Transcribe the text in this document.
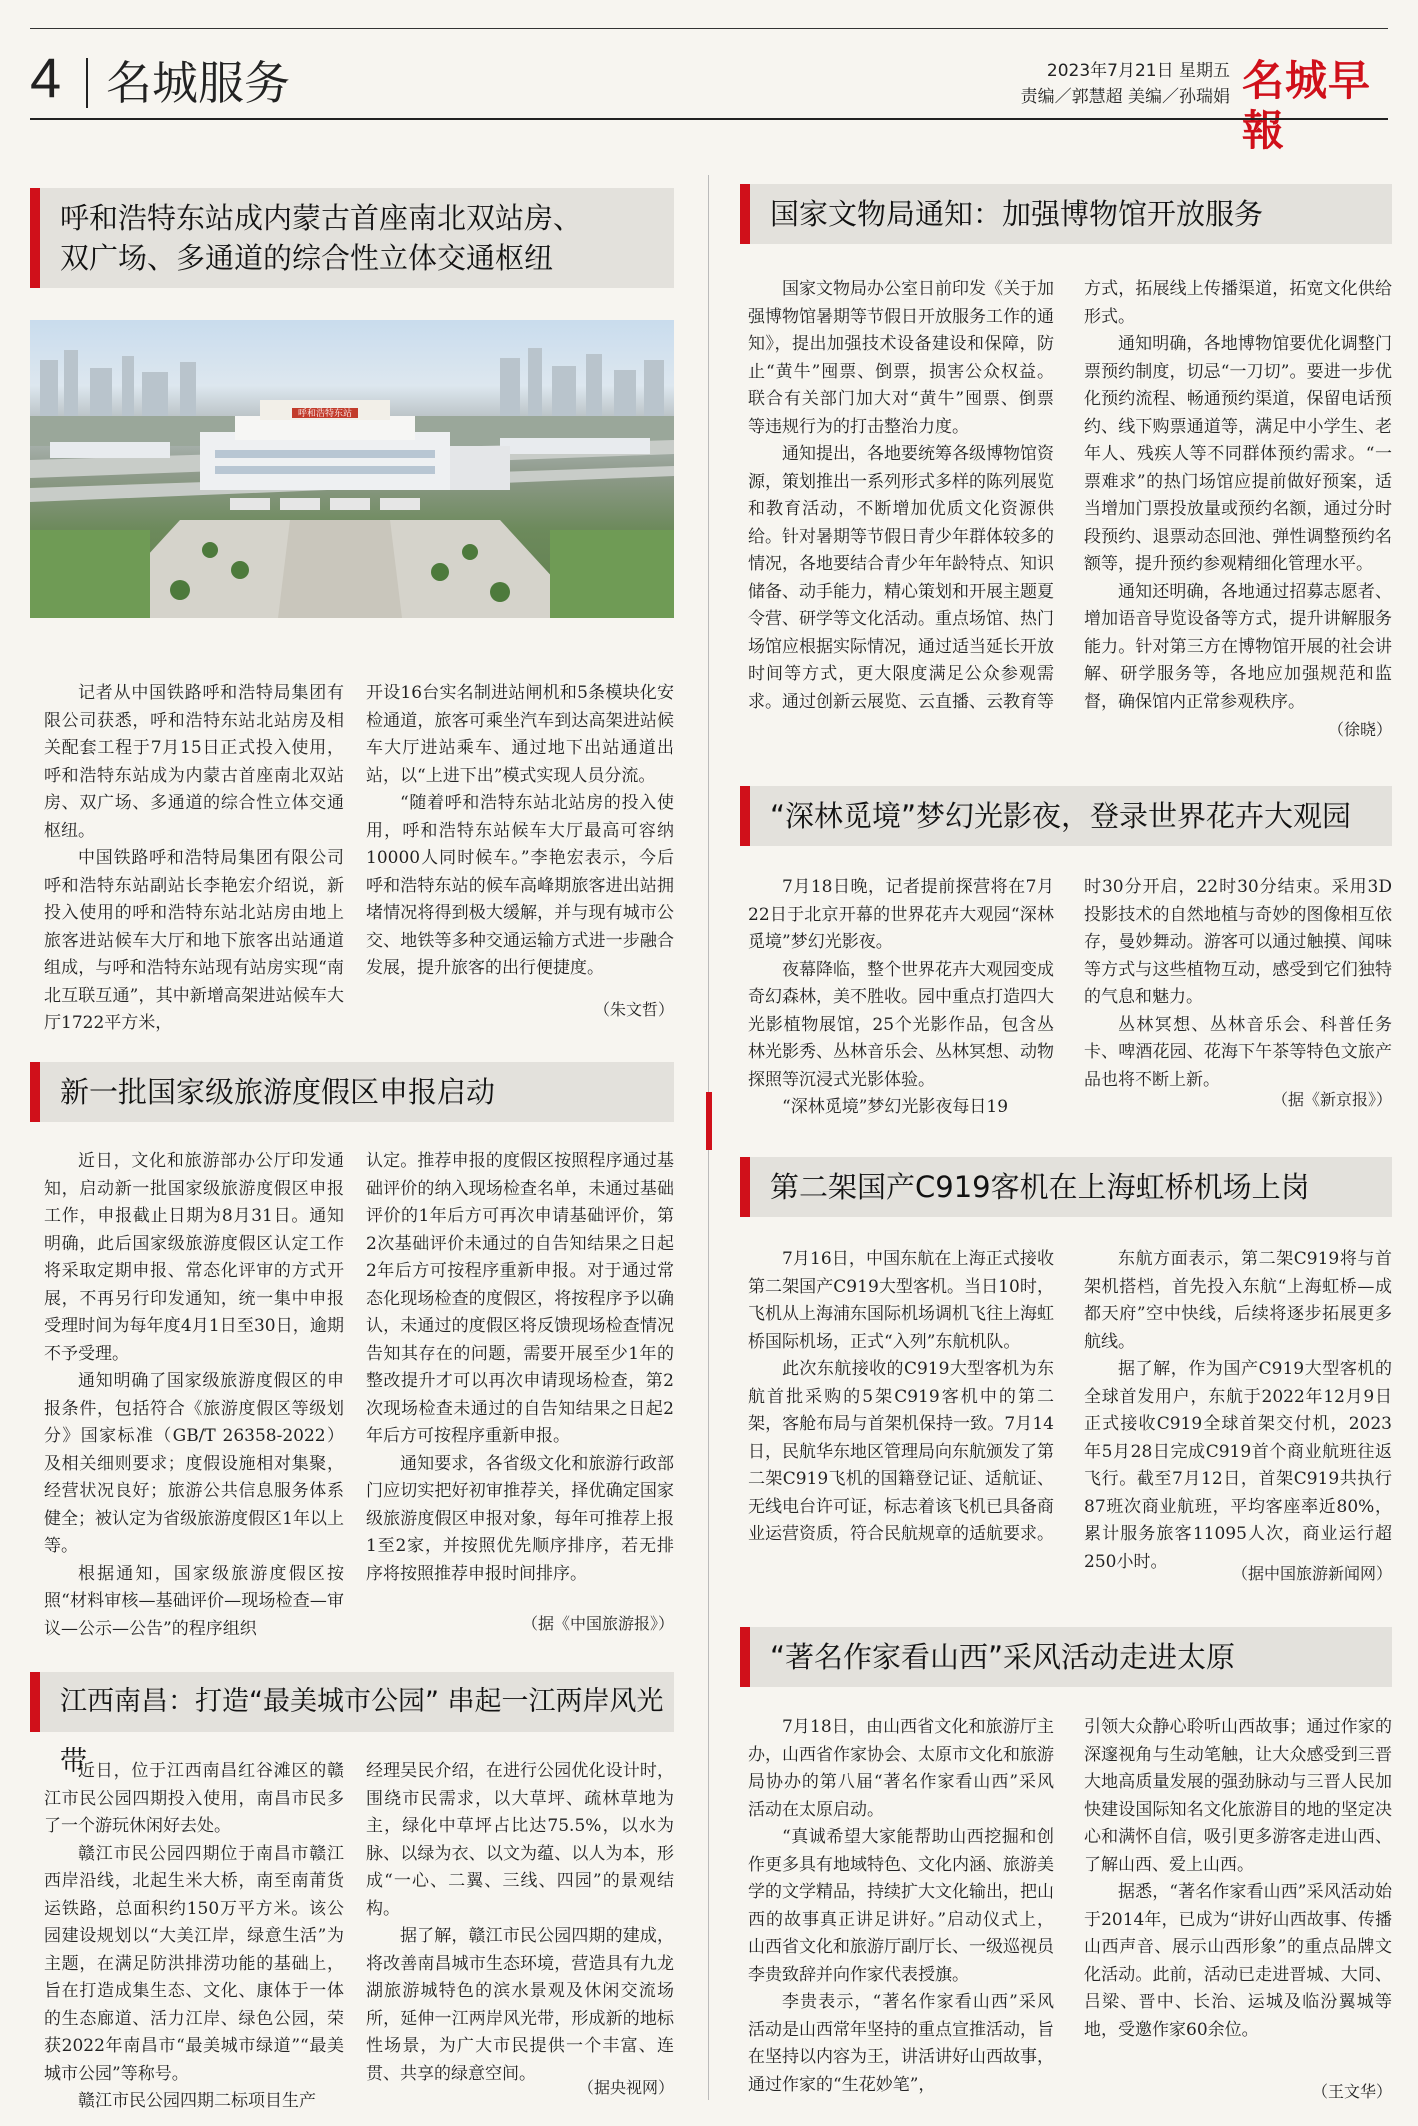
4 名城服务	2023年7月21日 星期五
责编／郭慧超 美编／孙瑞娟 名城早報
呼和浩特东站成内蒙古首座南北双站房、
双广场、多通道的综合性立体交通枢纽
呼和浩特东站

记者从中国铁路呼和浩特局集团有限公司获悉，呼和浩特东站北站房及相关配套工程于7月15日正式投入使用，呼和浩特东站成为内蒙古首座南北双站房、双广场、多通道的综合性立体交通枢纽。

中国铁路呼和浩特局集团有限公司呼和浩特东站副站长李艳宏介绍说，新投入使用的呼和浩特东站北站房由地上旅客进站候车大厅和地下旅客出站通道组成，与呼和浩特东站现有站房实现“南北互联互通”，其中新增高架进站候车大厅1722平方米，

开设16台实名制进站闸机和5条模块化安检通道，旅客可乘坐汽车到达高架进站候车大厅进站乘车、通过地下出站通道出站，以“上进下出”模式实现人员分流。

“随着呼和浩特东站北站房的投入使用，呼和浩特东站候车大厅最高可容纳10000人同时候车。”李艳宏表示，今后呼和浩特东站的候车高峰期旅客进出站拥堵情况将得到极大缓解，并与现有城市公交、地铁等多种交通运输方式进一步融合发展，提升旅客的出行便捷度。

（朱文哲）
新一批国家级旅游度假区申报启动

近日，文化和旅游部办公厅印发通知，启动新一批国家级旅游度假区申报工作，申报截止日期为8月31日。通知明确，此后国家级旅游度假区认定工作将采取定期申报、常态化评审的方式开展，不再另行印发通知，统一集中申报受理时间为每年度4月1日至30日，逾期不予受理。

通知明确了国家级旅游度假区的申报条件，包括符合《旅游度假区等级划分》国家标准（GB/T 26358-2022）及相关细则要求；度假设施相对集聚，经营状况良好；旅游公共信息服务体系健全；被认定为省级旅游度假区1年以上等。

根据通知，国家级旅游度假区按照“材料审核—基础评价—现场检查—审议—公示—公告”的程序组织

认定。推荐申报的度假区按照程序通过基础评价的纳入现场检查名单，未通过基础评价的1年后方可再次申请基础评价，第2次基础评价未通过的自告知结果之日起2年后方可按程序重新申报。对于通过常态化现场检查的度假区，将按程序予以确认，未通过的度假区将反馈现场检查情况告知其存在的问题，需要开展至少1年的整改提升才可以再次申请现场检查，第2次现场检查未通过的自告知结果之日起2年后方可按程序重新申报。

通知要求，各省级文化和旅游行政部门应切实把好初审推荐关，择优确定国家级旅游度假区申报对象，每年可推荐上报1至2家，并按照优先顺序排序，若无排序将按照推荐申报时间排序。

（据《中国旅游报》）
江西南昌：打造“最美城市公园” 串起一江两岸风光带

近日，位于江西南昌红谷滩区的赣江市民公园四期投入使用，南昌市民多了一个游玩休闲好去处。

赣江市民公园四期位于南昌市赣江西岸沿线，北起生米大桥，南至南莆货运铁路，总面积约150万平方米。该公园建设规划以“大美江岸，绿意生活”为主题，在满足防洪排涝功能的基础上，旨在打造成集生态、文化、康体于一体的生态廊道、活力江岸、绿色公园，荣获2022年南昌市“最美城市绿道”“最美城市公园”等称号。

赣江市民公园四期二标项目生产

经理吴民介绍，在进行公园优化设计时，围绕市民需求，以大草坪、疏林草地为主，绿化中草坪占比达75.5%，以水为脉、以绿为衣、以文为蕴、以人为本，形成“一心、二翼、三线、四园”的景观结构。

据了解，赣江市民公园四期的建成，将改善南昌城市生态环境，营造具有九龙湖旅游城特色的滨水景观及休闲交流场所，延伸一江两岸风光带，形成新的地标性场景，为广大市民提供一个丰富、连贯、共享的绿意空间。

（据央视网）
国家文物局通知：加强博物馆开放服务

国家文物局办公室日前印发《关于加强博物馆暑期等节假日开放服务工作的通知》，提出加强技术设备建设和保障，防止“黄牛”囤票、倒票，损害公众权益。联合有关部门加大对“黄牛”囤票、倒票等违规行为的打击整治力度。

通知提出，各地要统筹各级博物馆资源，策划推出一系列形式多样的陈列展览和教育活动，不断增加优质文化资源供给。针对暑期等节假日青少年群体较多的情况，各地要结合青少年年龄特点、知识储备、动手能力，精心策划和开展主题夏令营、研学等文化活动。重点场馆、热门场馆应根据实际情况，通过适当延长开放时间等方式，更大限度满足公众参观需求。通过创新云展览、云直播、云教育等

方式，拓展线上传播渠道，拓宽文化供给形式。

通知明确，各地博物馆要优化调整门票预约制度，切忌“一刀切”。要进一步优化预约流程、畅通预约渠道，保留电话预约、线下购票通道等，满足中小学生、老年人、残疾人等不同群体预约需求。“一票难求”的热门场馆应提前做好预案，适当增加门票投放量或预约名额，通过分时段预约、退票动态回池、弹性调整预约名额等，提升预约参观精细化管理水平。

通知还明确，各地通过招募志愿者、增加语音导览设备等方式，提升讲解服务能力。针对第三方在博物馆开展的社会讲解、研学服务等，各地应加强规范和监督，确保馆内正常参观秩序。

（徐晓）
“深林觅境”梦幻光影夜，登录世界花卉大观园

7月18日晚，记者提前探营将在7月22日于北京开幕的世界花卉大观园“深林觅境”梦幻光影夜。

夜幕降临，整个世界花卉大观园变成奇幻森林，美不胜收。园中重点打造四大光影植物展馆，25个光影作品，包含丛林光影秀、丛林音乐会、丛林冥想、动物探照等沉浸式光影体验。

“深林觅境”梦幻光影夜每日19

时30分开启，22时30分结束。采用3D投影技术的自然地植与奇妙的图像相互依存，曼妙舞动。游客可以通过触摸、闻味等方式与这些植物互动，感受到它们独特的气息和魅力。

丛林冥想、丛林音乐会、科普任务卡、啤酒花园、花海下午茶等特色文旅产品也将不断上新。

（据《新京报》）
第二架国产C919客机在上海虹桥机场上岗

7月16日，中国东航在上海正式接收第二架国产C919大型客机。当日10时，飞机从上海浦东国际机场调机飞往上海虹桥国际机场，正式“入列”东航机队。

此次东航接收的C919大型客机为东航首批采购的5架C919客机中的第二架，客舱布局与首架机保持一致。7月14日，民航华东地区管理局向东航颁发了第二架C919飞机的国籍登记证、适航证、无线电台许可证，标志着该飞机已具备商业运营资质，符合民航规章的适航要求。

东航方面表示，第二架C919将与首架机搭档，首先投入东航“上海虹桥—成都天府”空中快线，后续将逐步拓展更多航线。

据了解，作为国产C919大型客机的全球首发用户，东航于2022年12月9日正式接收C919全球首架交付机，2023年5月28日完成C919首个商业航班往返飞行。截至7月12日，首架C919共执行87班次商业航班，平均客座率近80%，累计服务旅客11095人次，商业运行超250小时。

（据中国旅游新闻网）
“著名作家看山西”采风活动走进太原

7月18日，由山西省文化和旅游厅主办，山西省作家协会、太原市文化和旅游局协办的第八届“著名作家看山西”采风活动在太原启动。

“真诚希望大家能帮助山西挖掘和创作更多具有地域特色、文化内涵、旅游美学的文学精品，持续扩大文化输出，把山西的故事真正讲足讲好。”启动仪式上，山西省文化和旅游厅副厅长、一级巡视员李贵致辞并向作家代表授旗。

李贵表示，“著名作家看山西”采风活动是山西常年坚持的重点宣推活动，旨在坚持以内容为王，讲活讲好山西故事，通过作家的“生花妙笔”，

引领大众静心聆听山西故事；通过作家的深邃视角与生动笔触，让大众感受到三晋大地高质量发展的强劲脉动与三晋人民加快建设国际知名文化旅游目的地的坚定决心和满怀自信，吸引更多游客走进山西、了解山西、爱上山西。

据悉，“著名作家看山西”采风活动始于2014年，已成为“讲好山西故事、传播山西声音、展示山西形象”的重点品牌文化活动。此前，活动已走进晋城、大同、吕梁、晋中、长治、运城及临汾翼城等地，受邀作家60余位。

（王文华）
